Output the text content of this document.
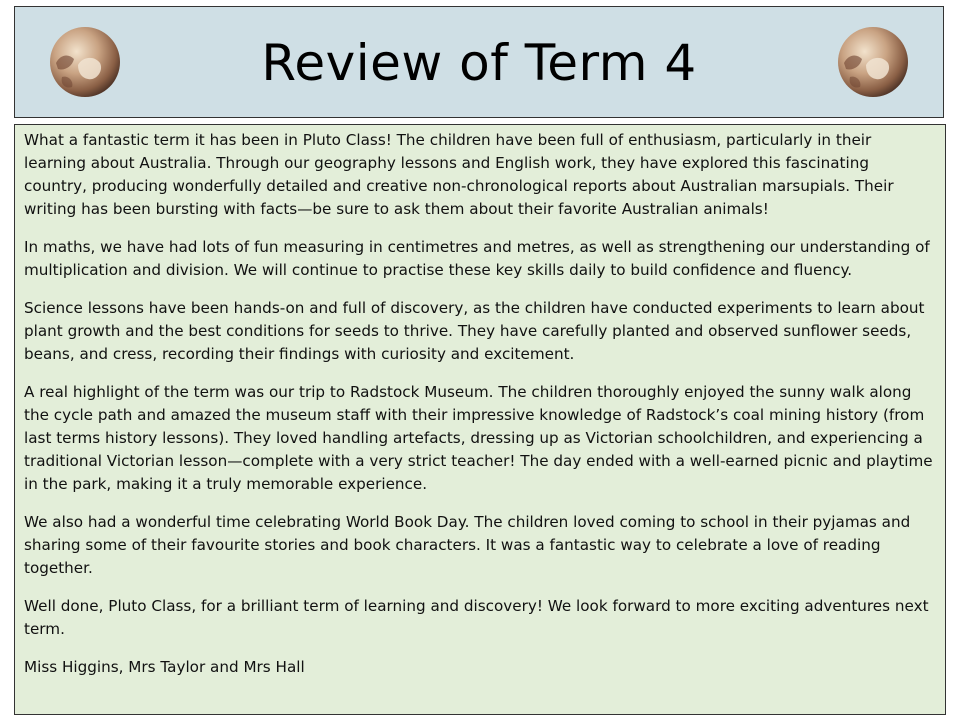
Review of Term 4

What a fantastic term it has been in Pluto Class! The children have been full of enthusiasm, particularly in their learning about Australia. Through our geography lessons and English work, they have explored this fascinating country, producing wonderfully detailed and creative non-chronological reports about Australian marsupials. Their writing has been bursting with facts—be sure to ask them about their favorite Australian animals!

In maths, we have had lots of fun measuring in centimetres and metres, as well as strengthening our understanding of multiplication and division. We will continue to practise these key skills daily to build confidence and fluency.

Science lessons have been hands-on and full of discovery, as the children have conducted experiments to learn about plant growth and the best conditions for seeds to thrive. They have carefully planted and observed sunflower seeds, beans, and cress, recording their findings with curiosity and excitement.

A real highlight of the term was our trip to Radstock Museum. The children thoroughly enjoyed the sunny walk along the cycle path and amazed the museum staff with their impressive knowledge of Radstock’s coal mining history (from last terms history lessons). They loved handling artefacts, dressing up as Victorian schoolchildren, and experiencing a traditional Victorian lesson—complete with a very strict teacher! The day ended with a well-earned picnic and playtime in the park, making it a truly memorable experience.

We also had a wonderful time celebrating World Book Day. The children loved coming to school in their pyjamas and sharing some of their favourite stories and book characters. It was a fantastic way to celebrate a love of reading together.

Well done, Pluto Class, for a brilliant term of learning and discovery! We look forward to more exciting adventures next term.

Miss Higgins, Mrs Taylor and Mrs Hall
